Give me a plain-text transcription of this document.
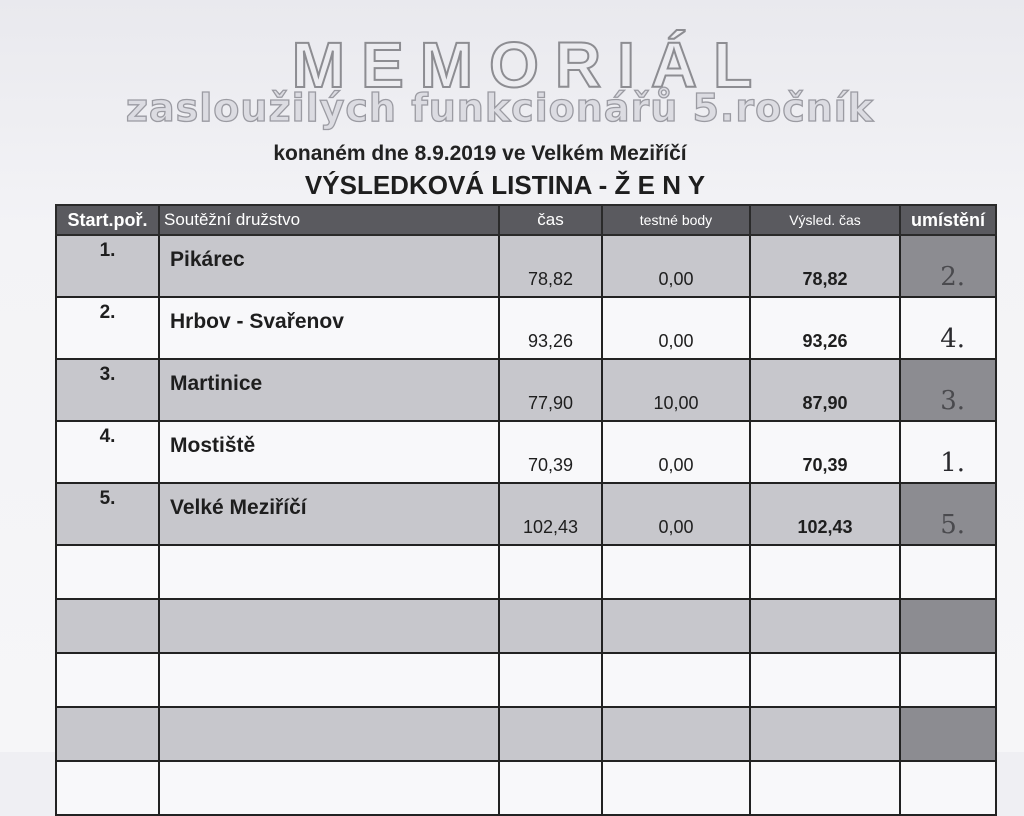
MEMORIÁL
zasloužilých funkcionářů 5.ročník
konaném dne 8.9.2019 ve Velkém Meziříčí
VÝSLEDKOVÁ LISTINA - Ž E N Y
Start.poř.	Soutěžní družstvo	čas	testné body	Výsled. čas	umístění
1.	Pikárec	78,82	0,00	78,82	2.
2.	Hrbov - Svařenov	93,26	0,00	93,26	4.
3.	Martinice	77,90	10,00	87,90	3.
4.	Mostiště	70,39	0,00	70,39	1.
5.	Velké Meziříčí	102,43	0,00	102,43	5.
